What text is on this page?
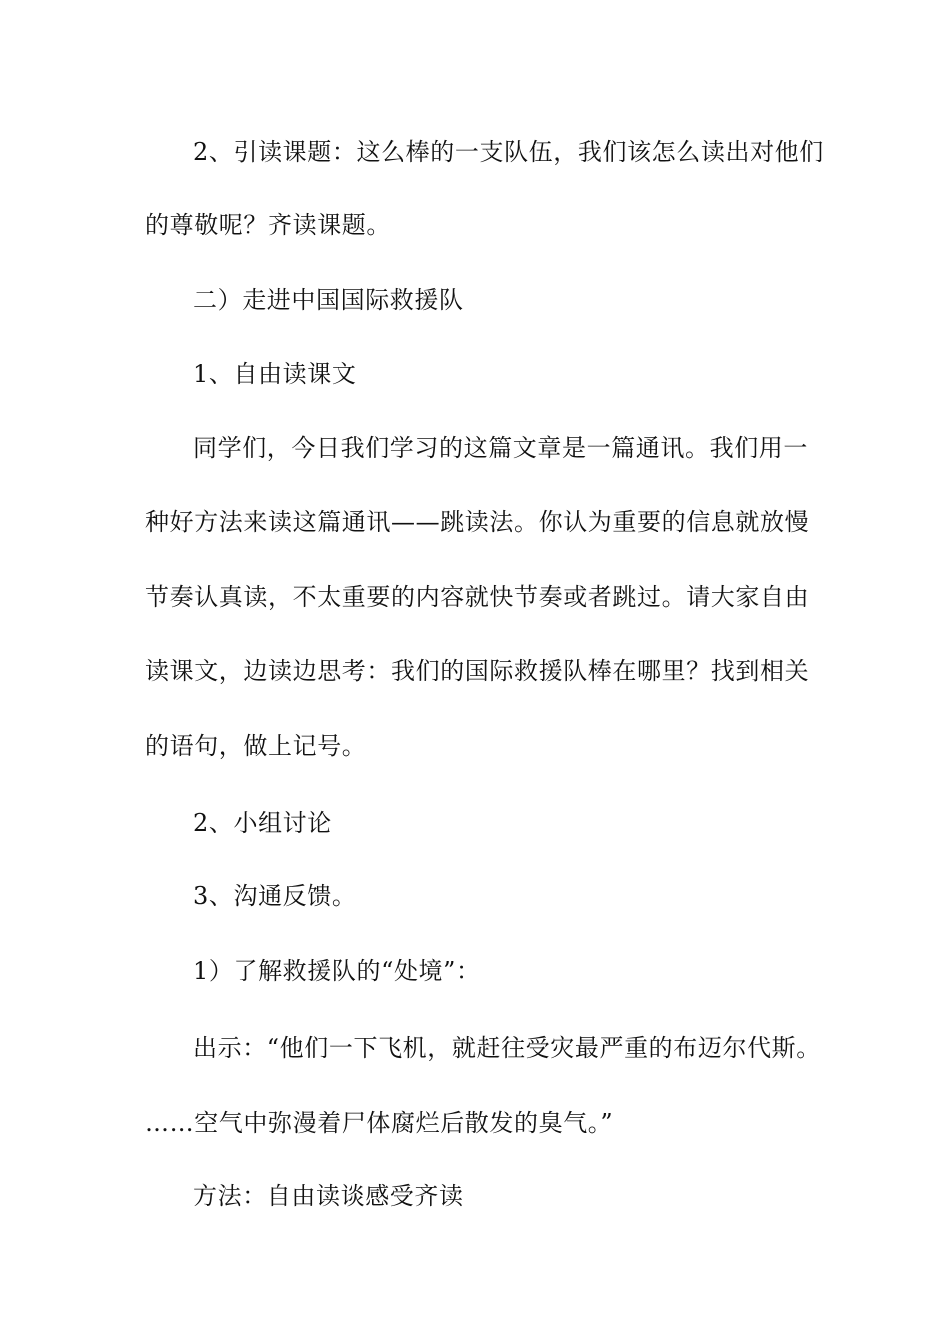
2、引读课题：这么棒的一支队伍，我们该怎么读出对他们
的尊敬呢？齐读课题。
二）走进中国国际救援队
1、自由读课文
同学们，今日我们学习的这篇文章是一篇通讯。我们用一
种好方法来读这篇通讯——跳读法。你认为重要的信息就放慢
节奏认真读，不太重要的内容就快节奏或者跳过。请大家自由
读课文，边读边思考：我们的国际救援队棒在哪里？找到相关
的语句，做上记号。
2、小组讨论
3、沟通反馈。
1）了解救援队的“处境”：
出示：“他们一下飞机，就赶往受灾最严重的布迈尔代斯。
……空气中弥漫着尸体腐烂后散发的臭气。”
方法：自由读谈感受齐读
